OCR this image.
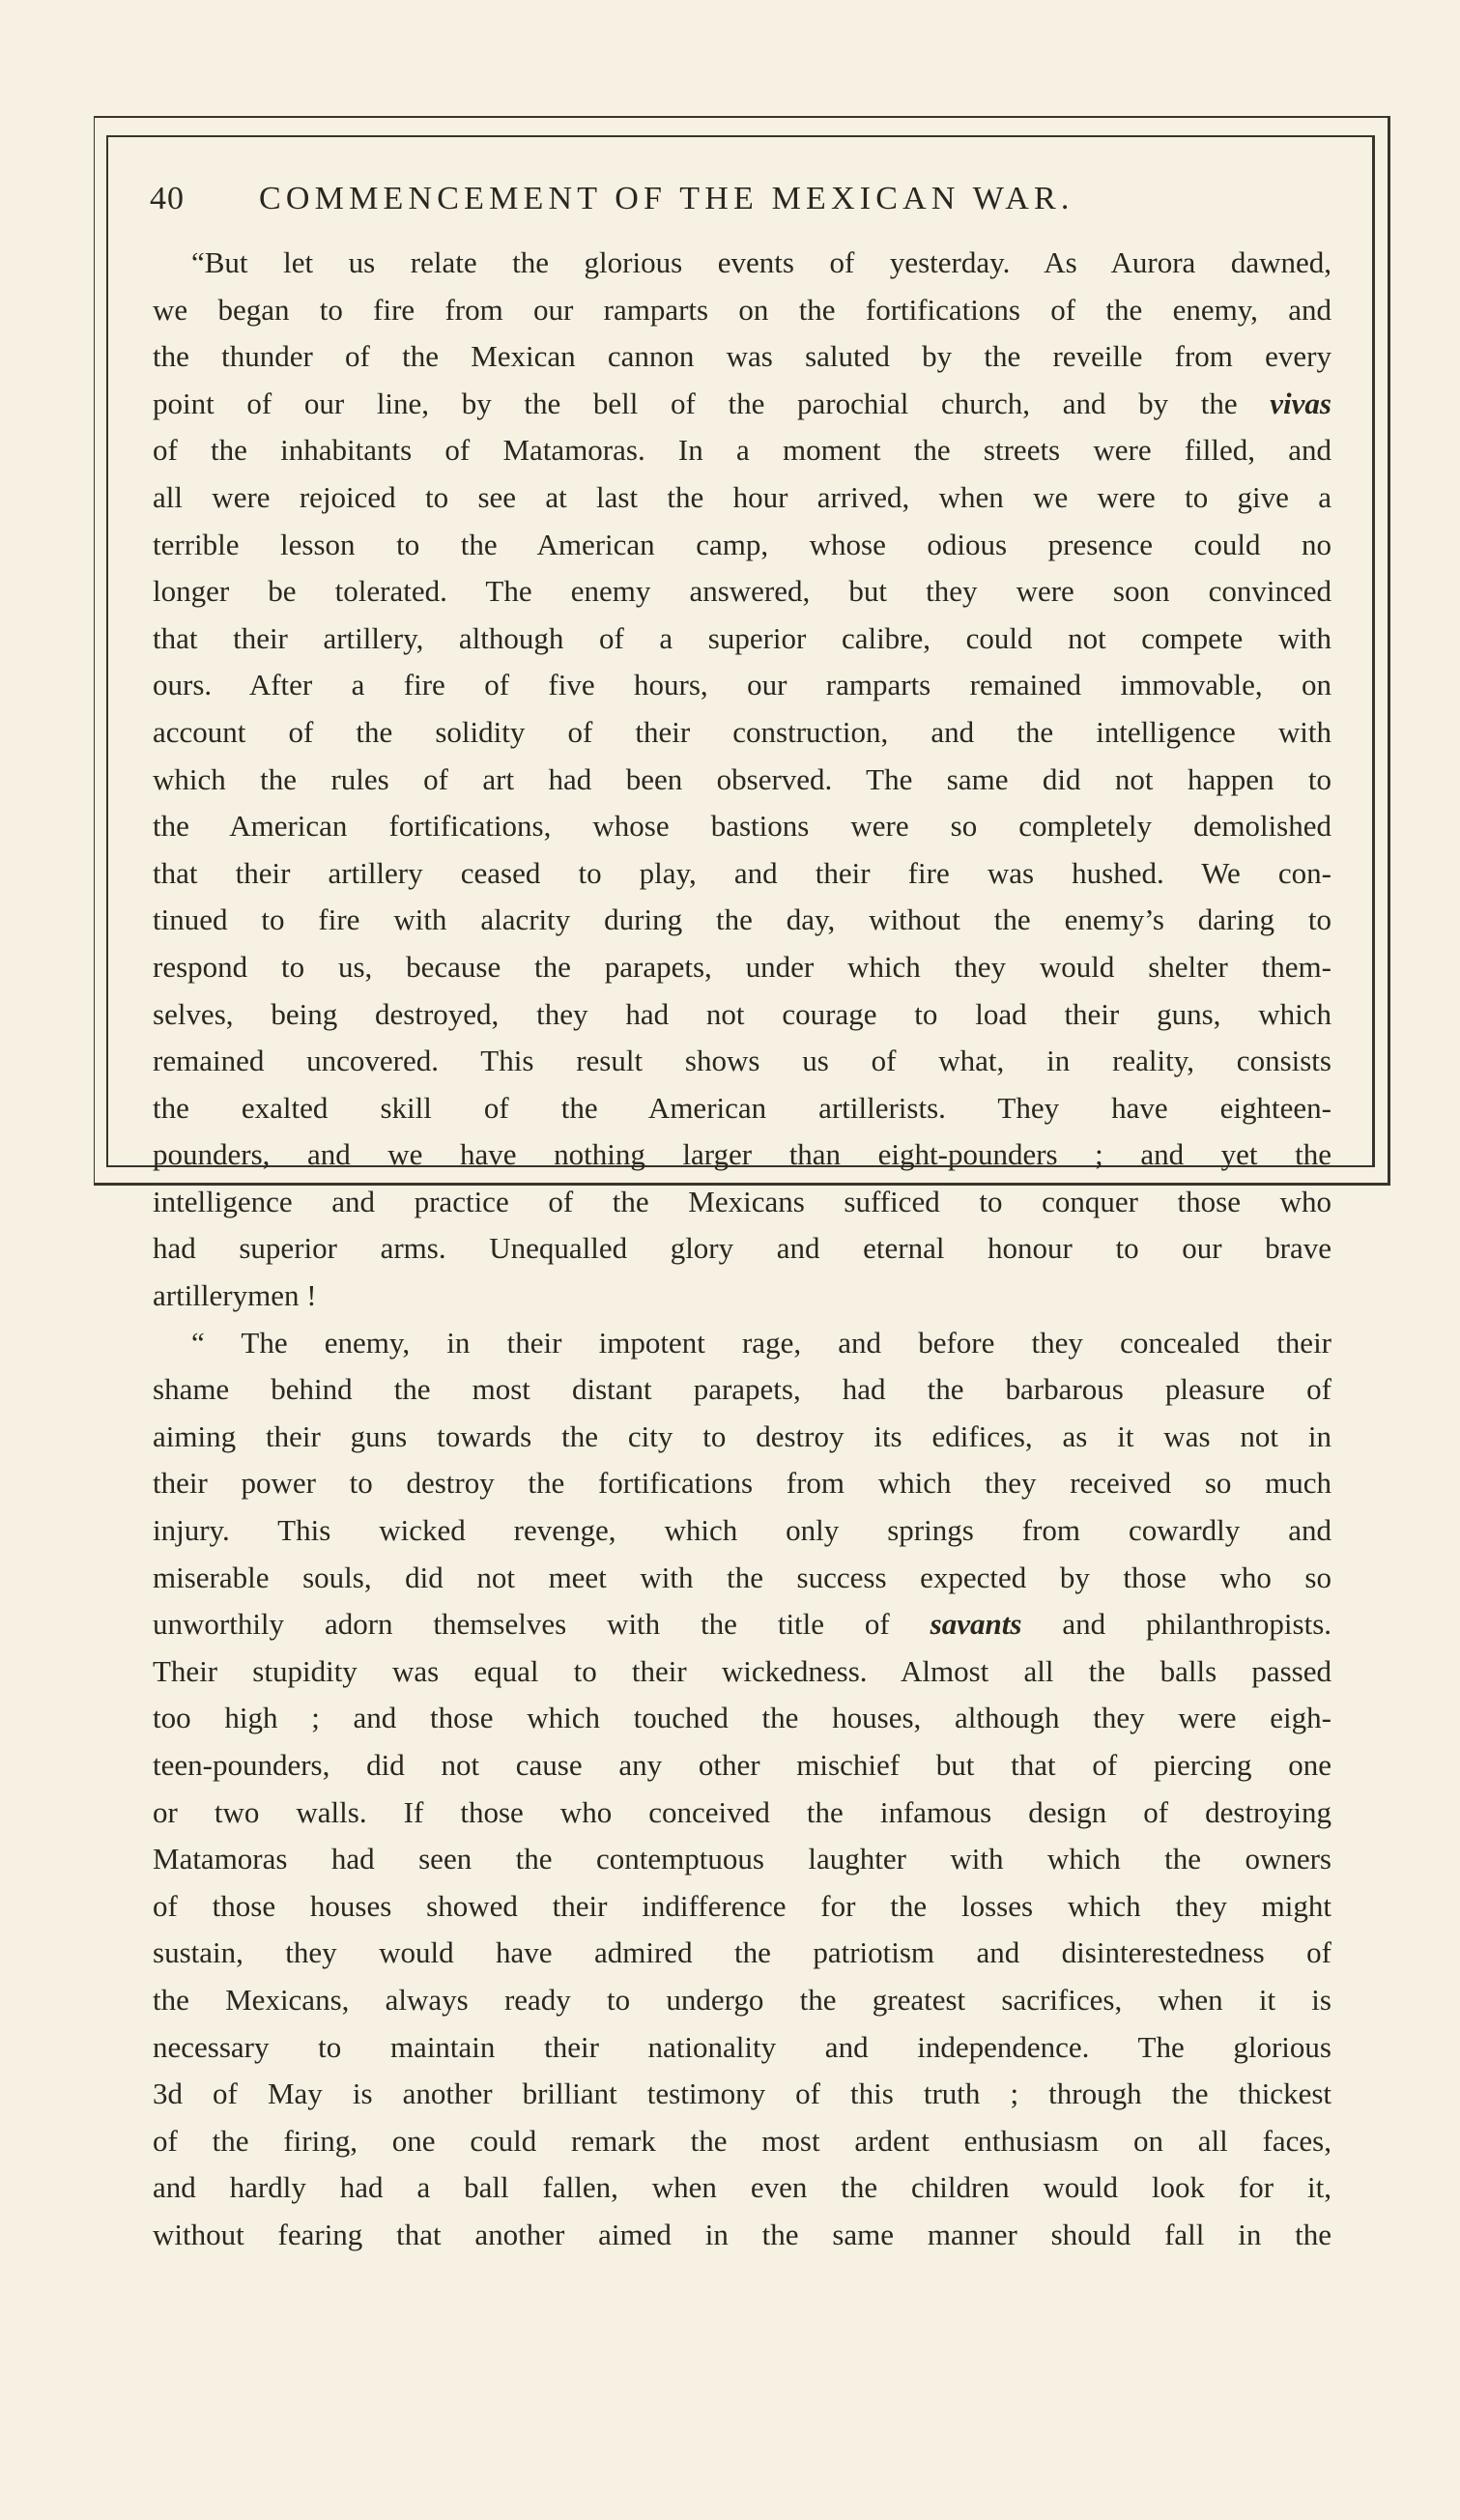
40 COMMENCEMENT OF THE MEXICAN WAR.
“But let us relate the glorious events of yesterday. As Aurora dawned,
we began to fire from our ramparts on the fortifications of the enemy, and
the thunder of the Mexican cannon was saluted by the reveille from every
point of our line, by the bell of the parochial church, and by the vivas
of the inhabitants of Matamoras. In a moment the streets were filled, and
all were rejoiced to see at last the hour arrived, when we were to give a
terrible lesson to the American camp, whose odious presence could no
longer be tolerated. The enemy answered, but they were soon convinced
that their artillery, although of a superior calibre, could not compete with
ours. After a fire of five hours, our ramparts remained immovable, on
account of the solidity of their construction, and the intelligence with
which the rules of art had been observed. The same did not happen to
the American fortifications, whose bastions were so completely demolished
that their artillery ceased to play, and their fire was hushed. We con-
tinued to fire with alacrity during the day, without the enemy’s daring to
respond to us, because the parapets, under which they would shelter them-
selves, being destroyed, they had not courage to load their guns, which
remained uncovered. This result shows us of what, in reality, consists
the exalted skill of the American artillerists. They have eighteen-
pounders, and we have nothing larger than eight-pounders ; and yet the
intelligence and practice of the Mexicans sufficed to conquer those who
had superior arms. Unequalled glory and eternal honour to our brave
artillerymen !
“ The enemy, in their impotent rage, and before they concealed their
shame behind the most distant parapets, had the barbarous pleasure of
aiming their guns towards the city to destroy its edifices, as it was not in
their power to destroy the fortifications from which they received so much
injury. This wicked revenge, which only springs from cowardly and
miserable souls, did not meet with the success expected by those who so
unworthily adorn themselves with the title of savants and philanthropists.
Their stupidity was equal to their wickedness. Almost all the balls passed
too high ; and those which touched the houses, although they were eigh-
teen-pounders, did not cause any other mischief but that of piercing one
or two walls. If those who conceived the infamous design of destroying
Matamoras had seen the contemptuous laughter with which the owners
of those houses showed their indifference for the losses which they might
sustain, they would have admired the patriotism and disinterestedness of
the Mexicans, always ready to undergo the greatest sacrifices, when it is
necessary to maintain their nationality and independence. The glorious
3d of May is another brilliant testimony of this truth ; through the thickest
of the firing, one could remark the most ardent enthusiasm on all faces,
and hardly had a ball fallen, when even the children would look for it,
without fearing that another aimed in the same manner should fall in the
